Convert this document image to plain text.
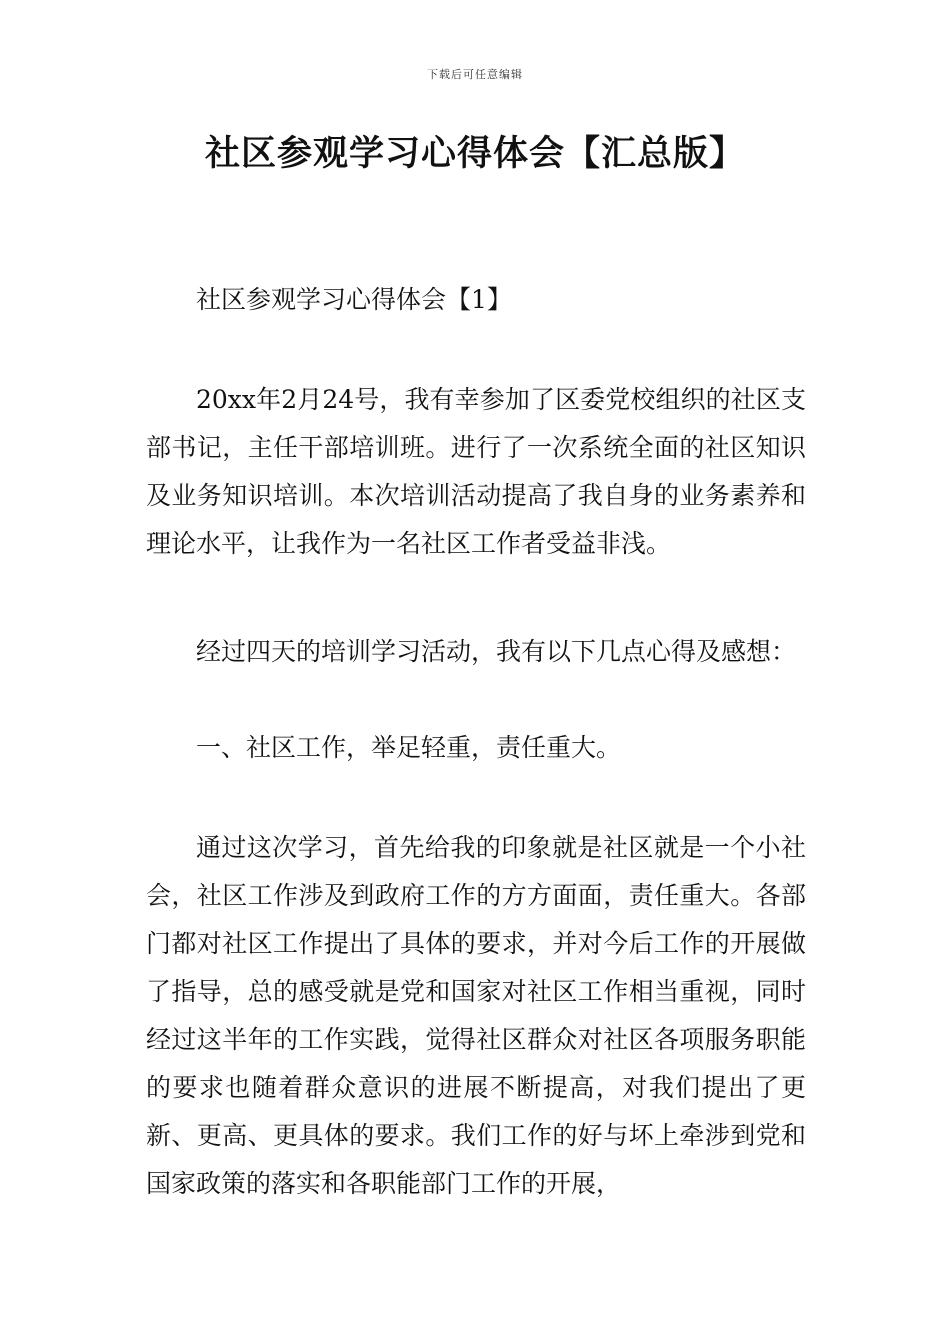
下载后可任意编辑
社区参观学习心得体会【汇总版】

社区参观学习心得体会【1】

20xx年2月24号，我有幸参加了区委党校组织的社区支部书记，主任干部培训班。进行了一次系统全面的社区知识及业务知识培训。本次培训活动提高了我自身的业务素养和理论水平，让我作为一名社区工作者受益非浅。

经过四天的培训学习活动，我有以下几点心得及感想：

一、社区工作，举足轻重，责任重大。

通过这次学习，首先给我的印象就是社区就是一个小社会，社区工作涉及到政府工作的方方面面，责任重大。各部门都对社区工作提出了具体的要求，并对今后工作的开展做了指导，总的感受就是党和国家对社区工作相当重视，同时经过这半年的工作实践，觉得社区群众对社区各项服务职能的要求也随着群众意识的进展不断提高，对我们提出了更新、更高、更具体的要求。我们工作的好与坏上牵涉到党和国家政策的落实和各职能部门工作的开展，
